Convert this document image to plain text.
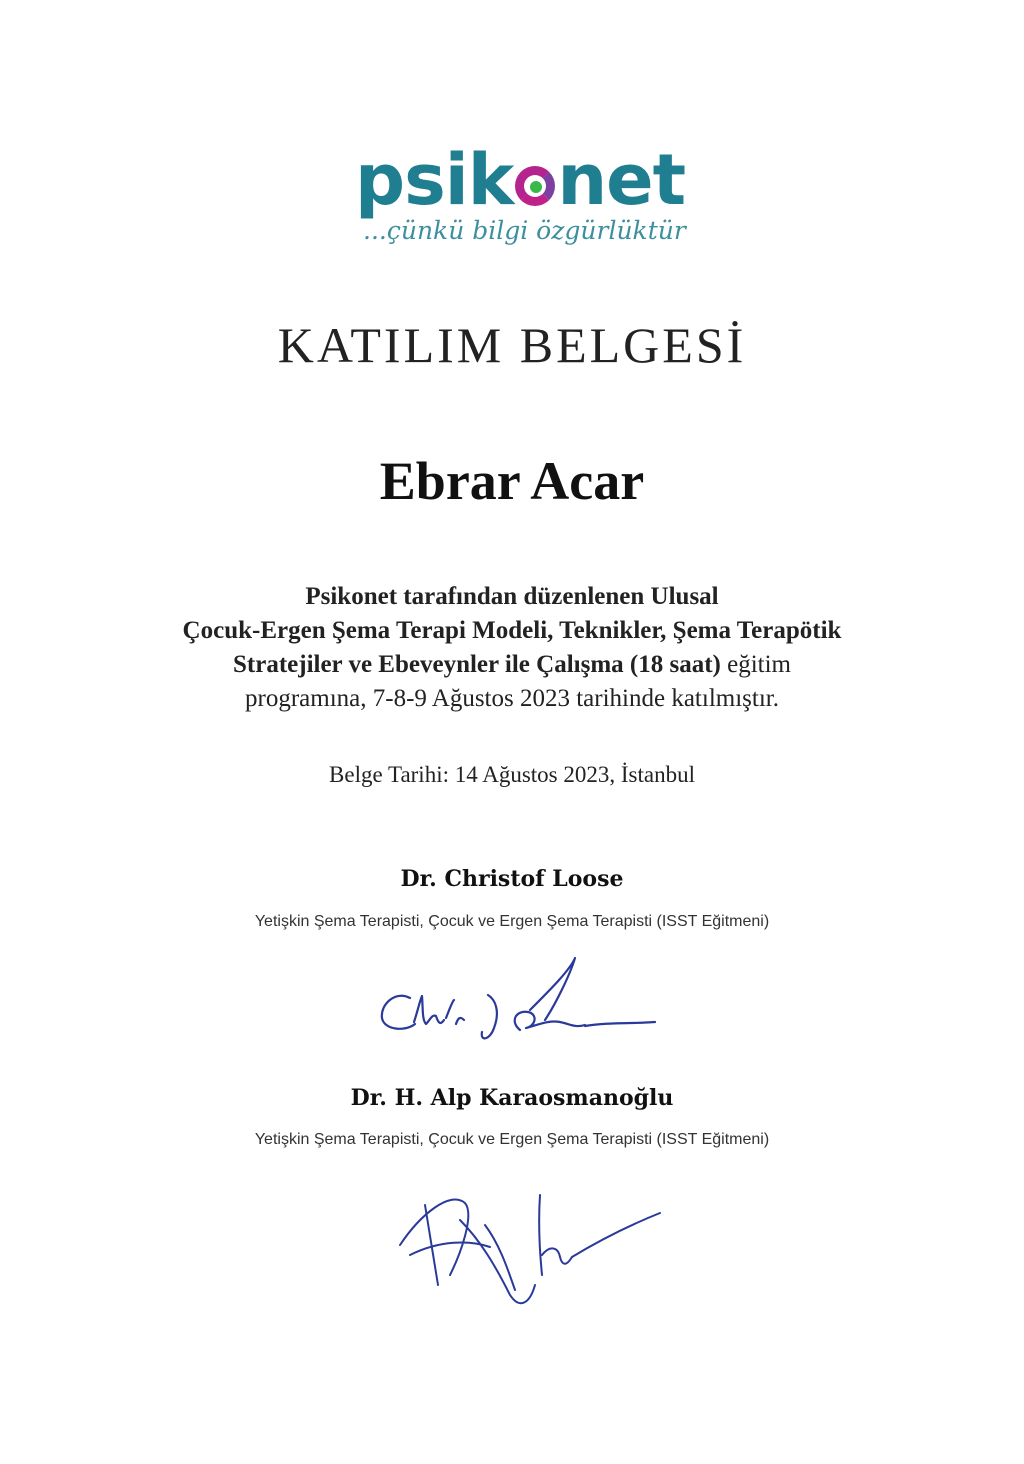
psik net
...çünkü bilgi özgürlüktür
KATILIM BELGESİ
Ebrar Acar
Psikonet tarafından düzenlenen Ulusal
Çocuk-Ergen Şema Terapi Modeli, Teknikler, Şema Terapötik
Stratejiler ve Ebeveynler ile Çalışma (18 saat) eğitim
programına, 7-8-9 Ağustos 2023 tarihinde katılmıştır.
Belge Tarihi: 14 Ağustos 2023, İstanbul
Dr. Christof Loose
Yetişkin Şema Terapisti, Çocuk ve Ergen Şema Terapisti (ISST Eğitmeni)
Dr. H. Alp Karaosmanoğlu
Yetişkin Şema Terapisti, Çocuk ve Ergen Şema Terapisti (ISST Eğitmeni)
